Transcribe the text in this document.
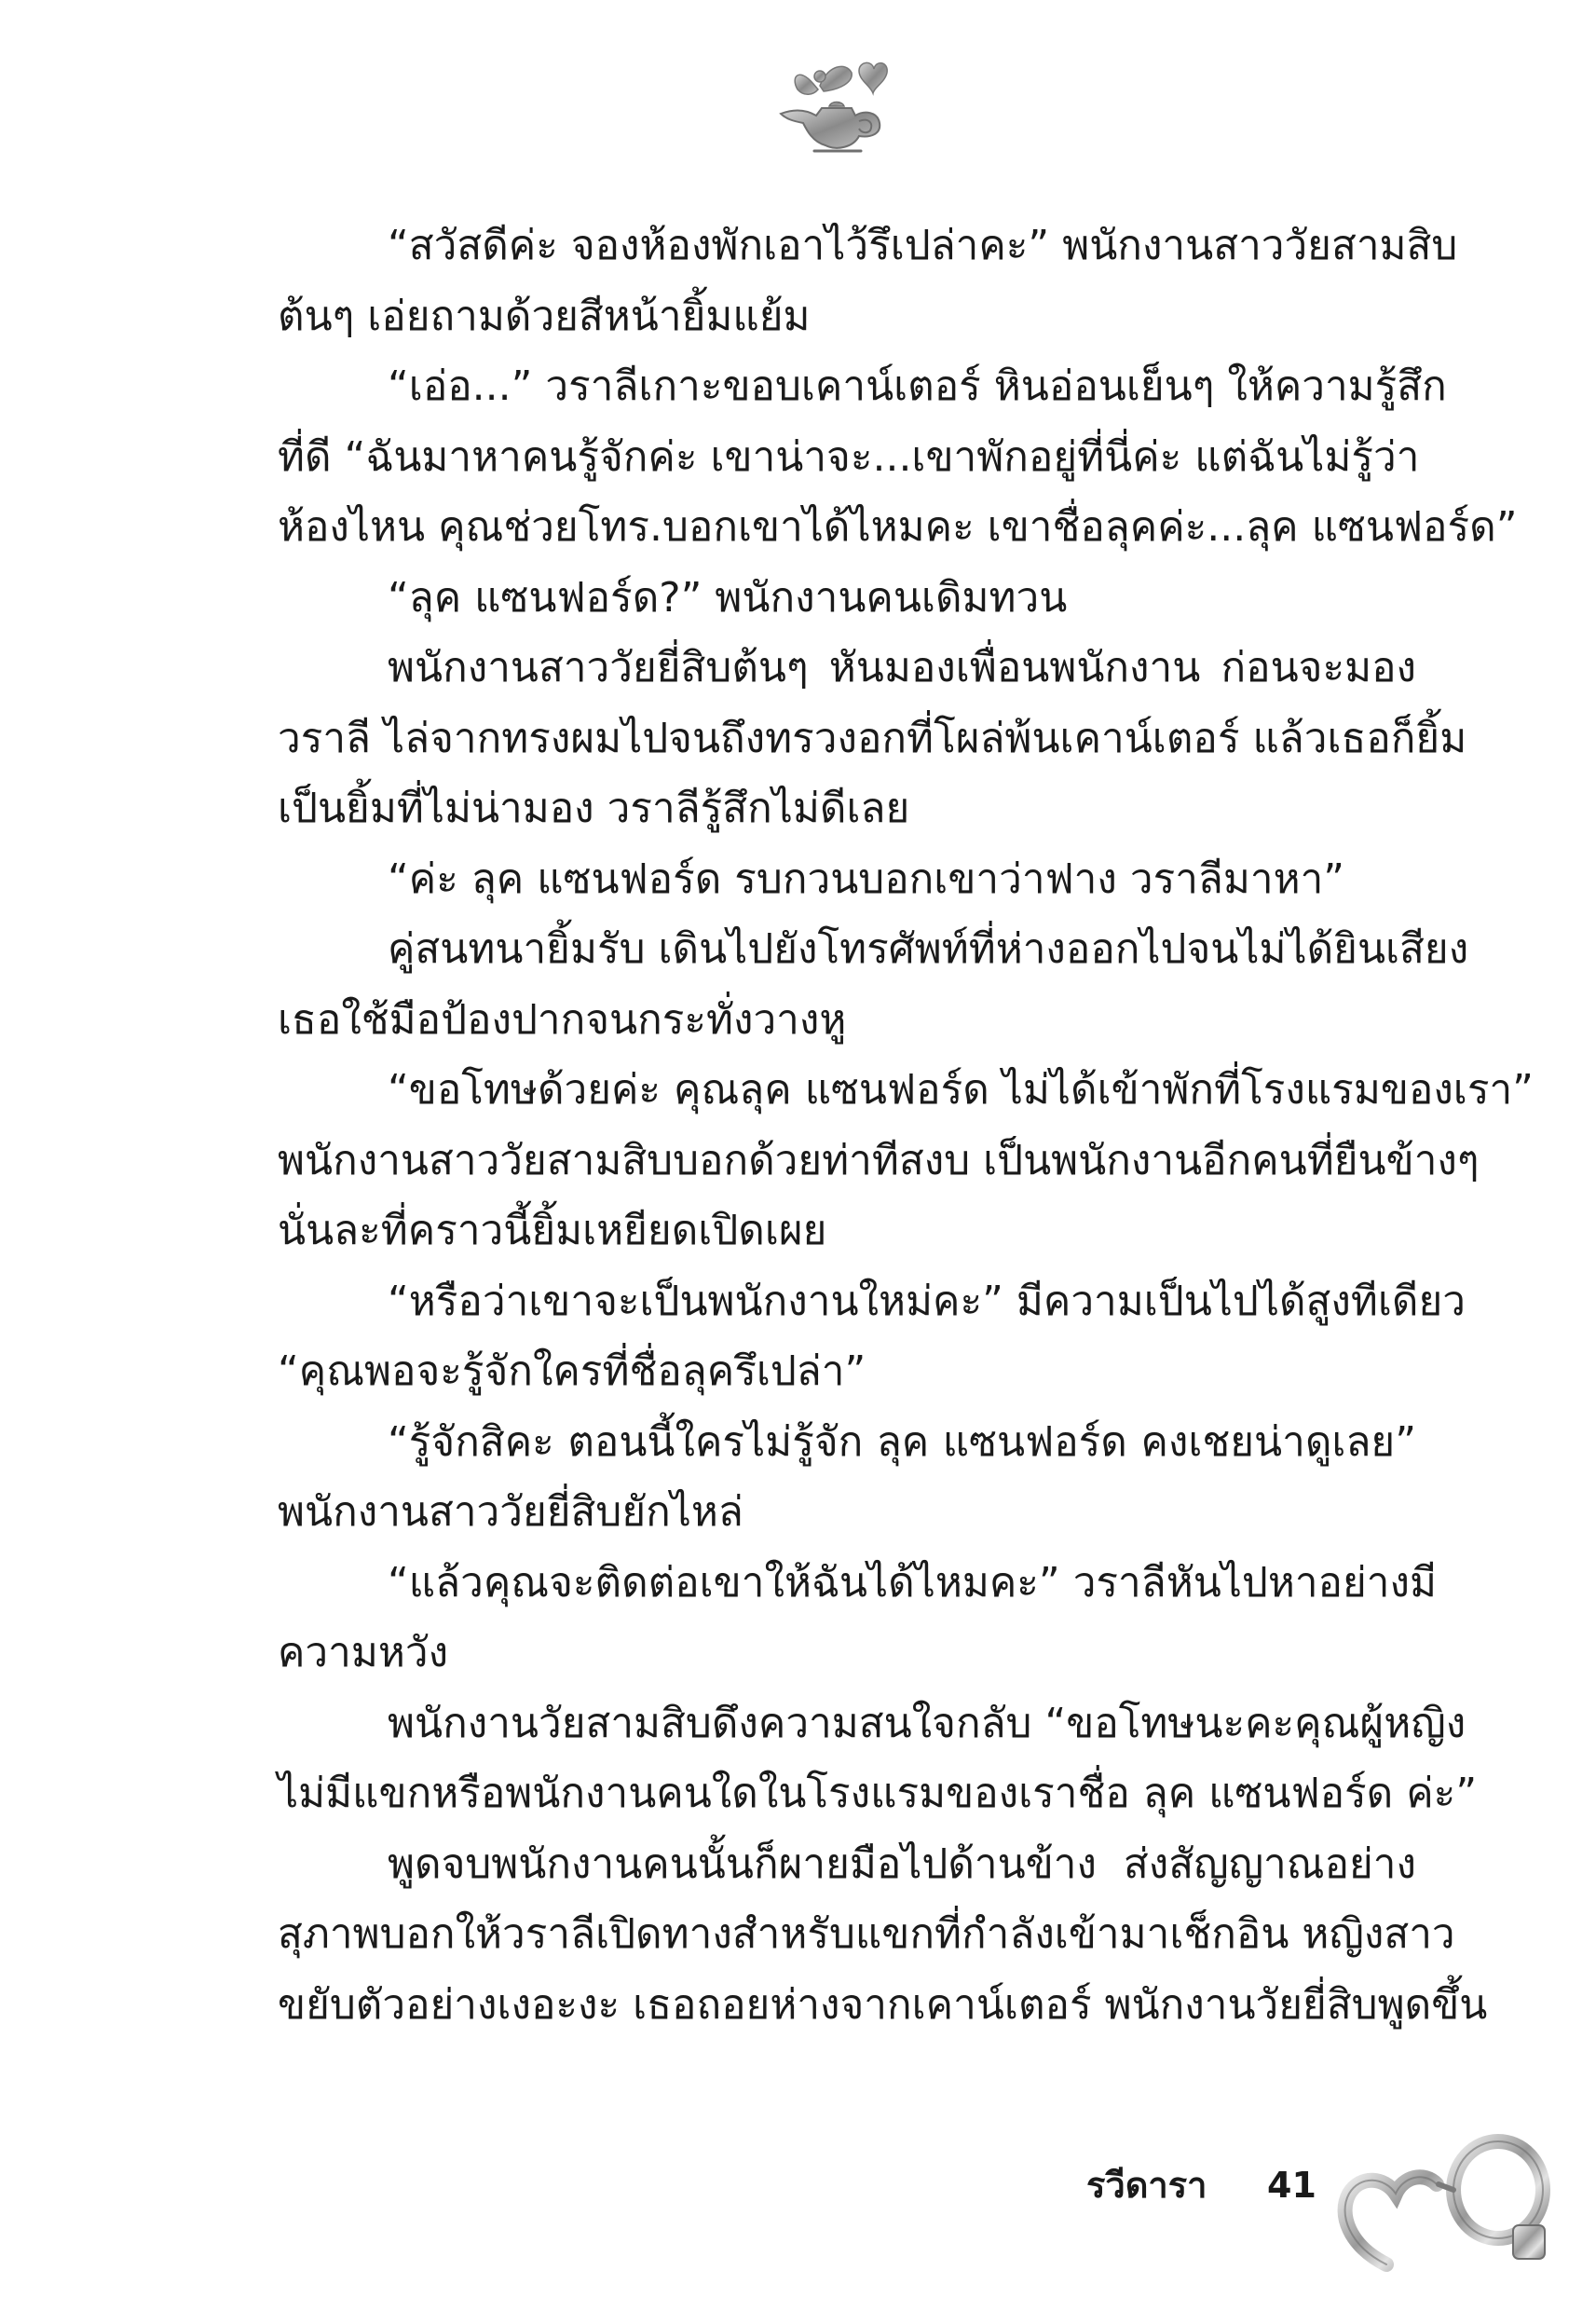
“สวัสดีค่ะ จองห้องพักเอาไว้รึเปล่าคะ” พนักงานสาววัยสามสิบ
ต้นๆ เอ่ยถามด้วยสีหน้ายิ้มแย้ม
“เอ่อ...” วราลีเกาะขอบเคาน์เตอร์ หินอ่อนเย็นๆ ให้ความรู้สึก
ที่ดี “ฉันมาหาคนรู้จักค่ะ เขาน่าจะ...เขาพักอยู่ที่นี่ค่ะ แต่ฉันไม่รู้ว่า
ห้องไหน คุณช่วยโทร.บอกเขาได้ไหมคะ เขาชื่อลุคค่ะ...ลุค แซนฟอร์ด”
“ลุค แซนฟอร์ด?” พนักงานคนเดิมทวน
พนักงานสาววัยยี่สิบต้นๆ หันมองเพื่อนพนักงาน ก่อนจะมอง
วราลี ไล่จากทรงผมไปจนถึงทรวงอกที่โผล่พ้นเคาน์เตอร์ แล้วเธอก็ยิ้ม
เป็นยิ้มที่ไม่น่ามอง วราลีรู้สึกไม่ดีเลย
“ค่ะ ลุค แซนฟอร์ด รบกวนบอกเขาว่าฟาง วราลีมาหา”
คู่สนทนายิ้มรับ เดินไปยังโทรศัพท์ที่ห่างออกไปจนไม่ได้ยินเสียง
เธอใช้มือป้องปากจนกระทั่งวางหู
“ขอโทษด้วยค่ะ คุณลุค แซนฟอร์ด ไม่ได้เข้าพักที่โรงแรมของเรา”
พนักงานสาววัยสามสิบบอกด้วยท่าทีสงบ เป็นพนักงานอีกคนที่ยืนข้างๆ
นั่นละที่คราวนี้ยิ้มเหยียดเปิดเผย
“หรือว่าเขาจะเป็นพนักงานใหม่คะ” มีความเป็นไปได้สูงทีเดียว
“คุณพอจะรู้จักใครที่ชื่อลุครึเปล่า”
“รู้จักสิคะ ตอนนี้ใครไม่รู้จัก ลุค แซนฟอร์ด คงเชยน่าดูเลย”
พนักงานสาววัยยี่สิบยักไหล่
“แล้วคุณจะติดต่อเขาให้ฉันได้ไหมคะ” วราลีหันไปหาอย่างมี
ความหวัง
พนักงานวัยสามสิบดึงความสนใจกลับ “ขอโทษนะคะคุณผู้หญิง
ไม่มีแขกหรือพนักงานคนใดในโรงแรมของเราชื่อ ลุค แซนฟอร์ด ค่ะ”
พูดจบพนักงานคนนั้นก็ผายมือไปด้านข้าง ส่งสัญญาณอย่าง
สุภาพบอกให้วราลีเปิดทางสำหรับแขกที่กำลังเข้ามาเช็กอิน หญิงสาว
ขยับตัวอย่างเงอะงะ เธอถอยห่างจากเคาน์เตอร์ พนักงานวัยยี่สิบพูดขึ้น
รวีดารา 41
